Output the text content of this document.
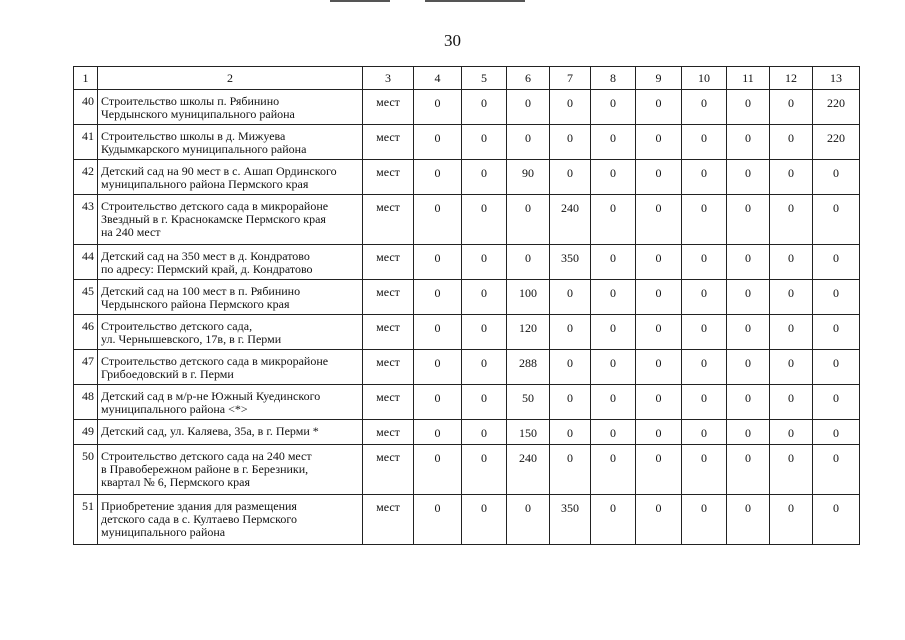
30
1	2	3	4	5	6	7	8	9	10	11	12	13
40	Строительство школы п. Рябинино
Чердынского муниципального района	мест	0	0	0	0	0	0	0	0	0	220
41	Строительство школы в д. Мижуева
Кудымкарского муниципального района	мест	0	0	0	0	0	0	0	0	0	220
42	Детский сад на 90 мест в с. Ашап Ординского
муниципального района Пермского края	мест	0	0	90	0	0	0	0	0	0	0
43	Строительство детского сада в микрорайоне
Звездный в г. Краснокамске Пермского края
на 240 мест	мест	0	0	0	240	0	0	0	0	0	0
44	Детский сад на 350 мест в д. Кондратово
по адресу: Пермский край, д. Кондратово	мест	0	0	0	350	0	0	0	0	0	0
45	Детский сад на 100 мест в п. Рябинино
Чердынского района Пермского края	мест	0	0	100	0	0	0	0	0	0	0
46	Строительство детского сада,
ул. Чернышевского, 17в, в г. Перми	мест	0	0	120	0	0	0	0	0	0	0
47	Строительство детского сада в микрорайоне
Грибоедовский в г. Перми	мест	0	0	288	0	0	0	0	0	0	0
48	Детский сад в м/р-не Южный Куединского
муниципального района <*>	мест	0	0	50	0	0	0	0	0	0	0
49	Детский сад, ул. Каляева, 35а, в г. Перми *	мест	0	0	150	0	0	0	0	0	0	0
50	Строительство детского сада на 240 мест
в Правобережном районе в г. Березники,
квартал № 6, Пермского края	мест	0	0	240	0	0	0	0	0	0	0
51	Приобретение здания для размещения
детского сада в с. Култаево Пермского
муниципального района	мест	0	0	0	350	0	0	0	0	0	0
